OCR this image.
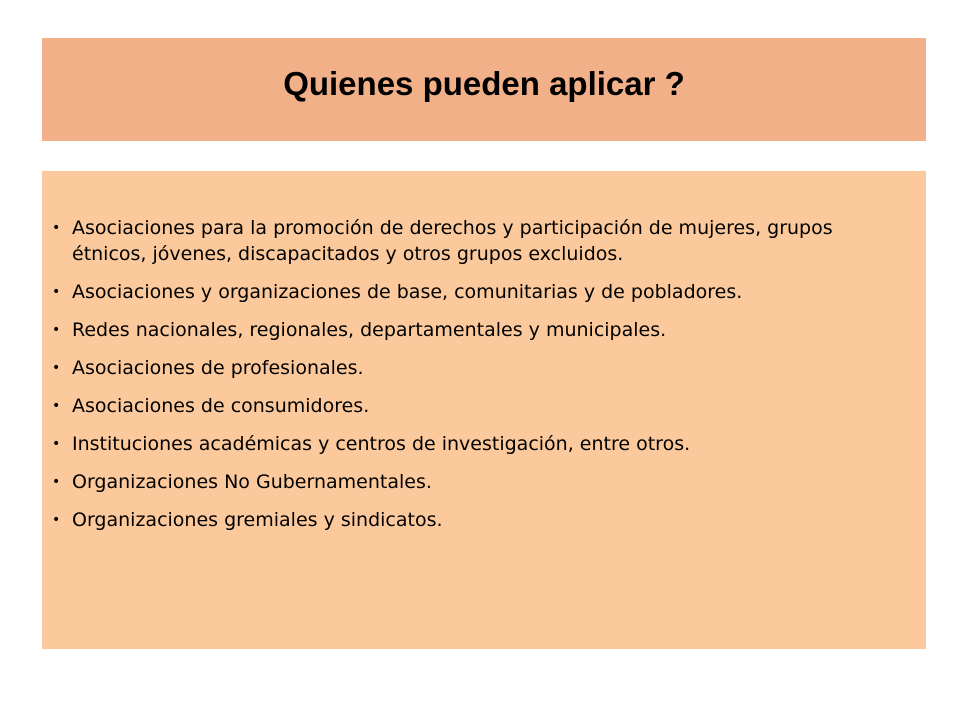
Quienes pueden aplicar ?
• Asociaciones para la promoción de derechos y participación de mujeres, grupos étnicos, jóvenes, discapacitados y otros grupos excluidos.
• Asociaciones y organizaciones de base, comunitarias y de pobladores.
• Redes nacionales, regionales, departamentales y municipales.
• Asociaciones de profesionales.
• Asociaciones de consumidores.
• Instituciones académicas y centros de investigación, entre otros.
• Organizaciones No Gubernamentales.
• Organizaciones gremiales y sindicatos.
